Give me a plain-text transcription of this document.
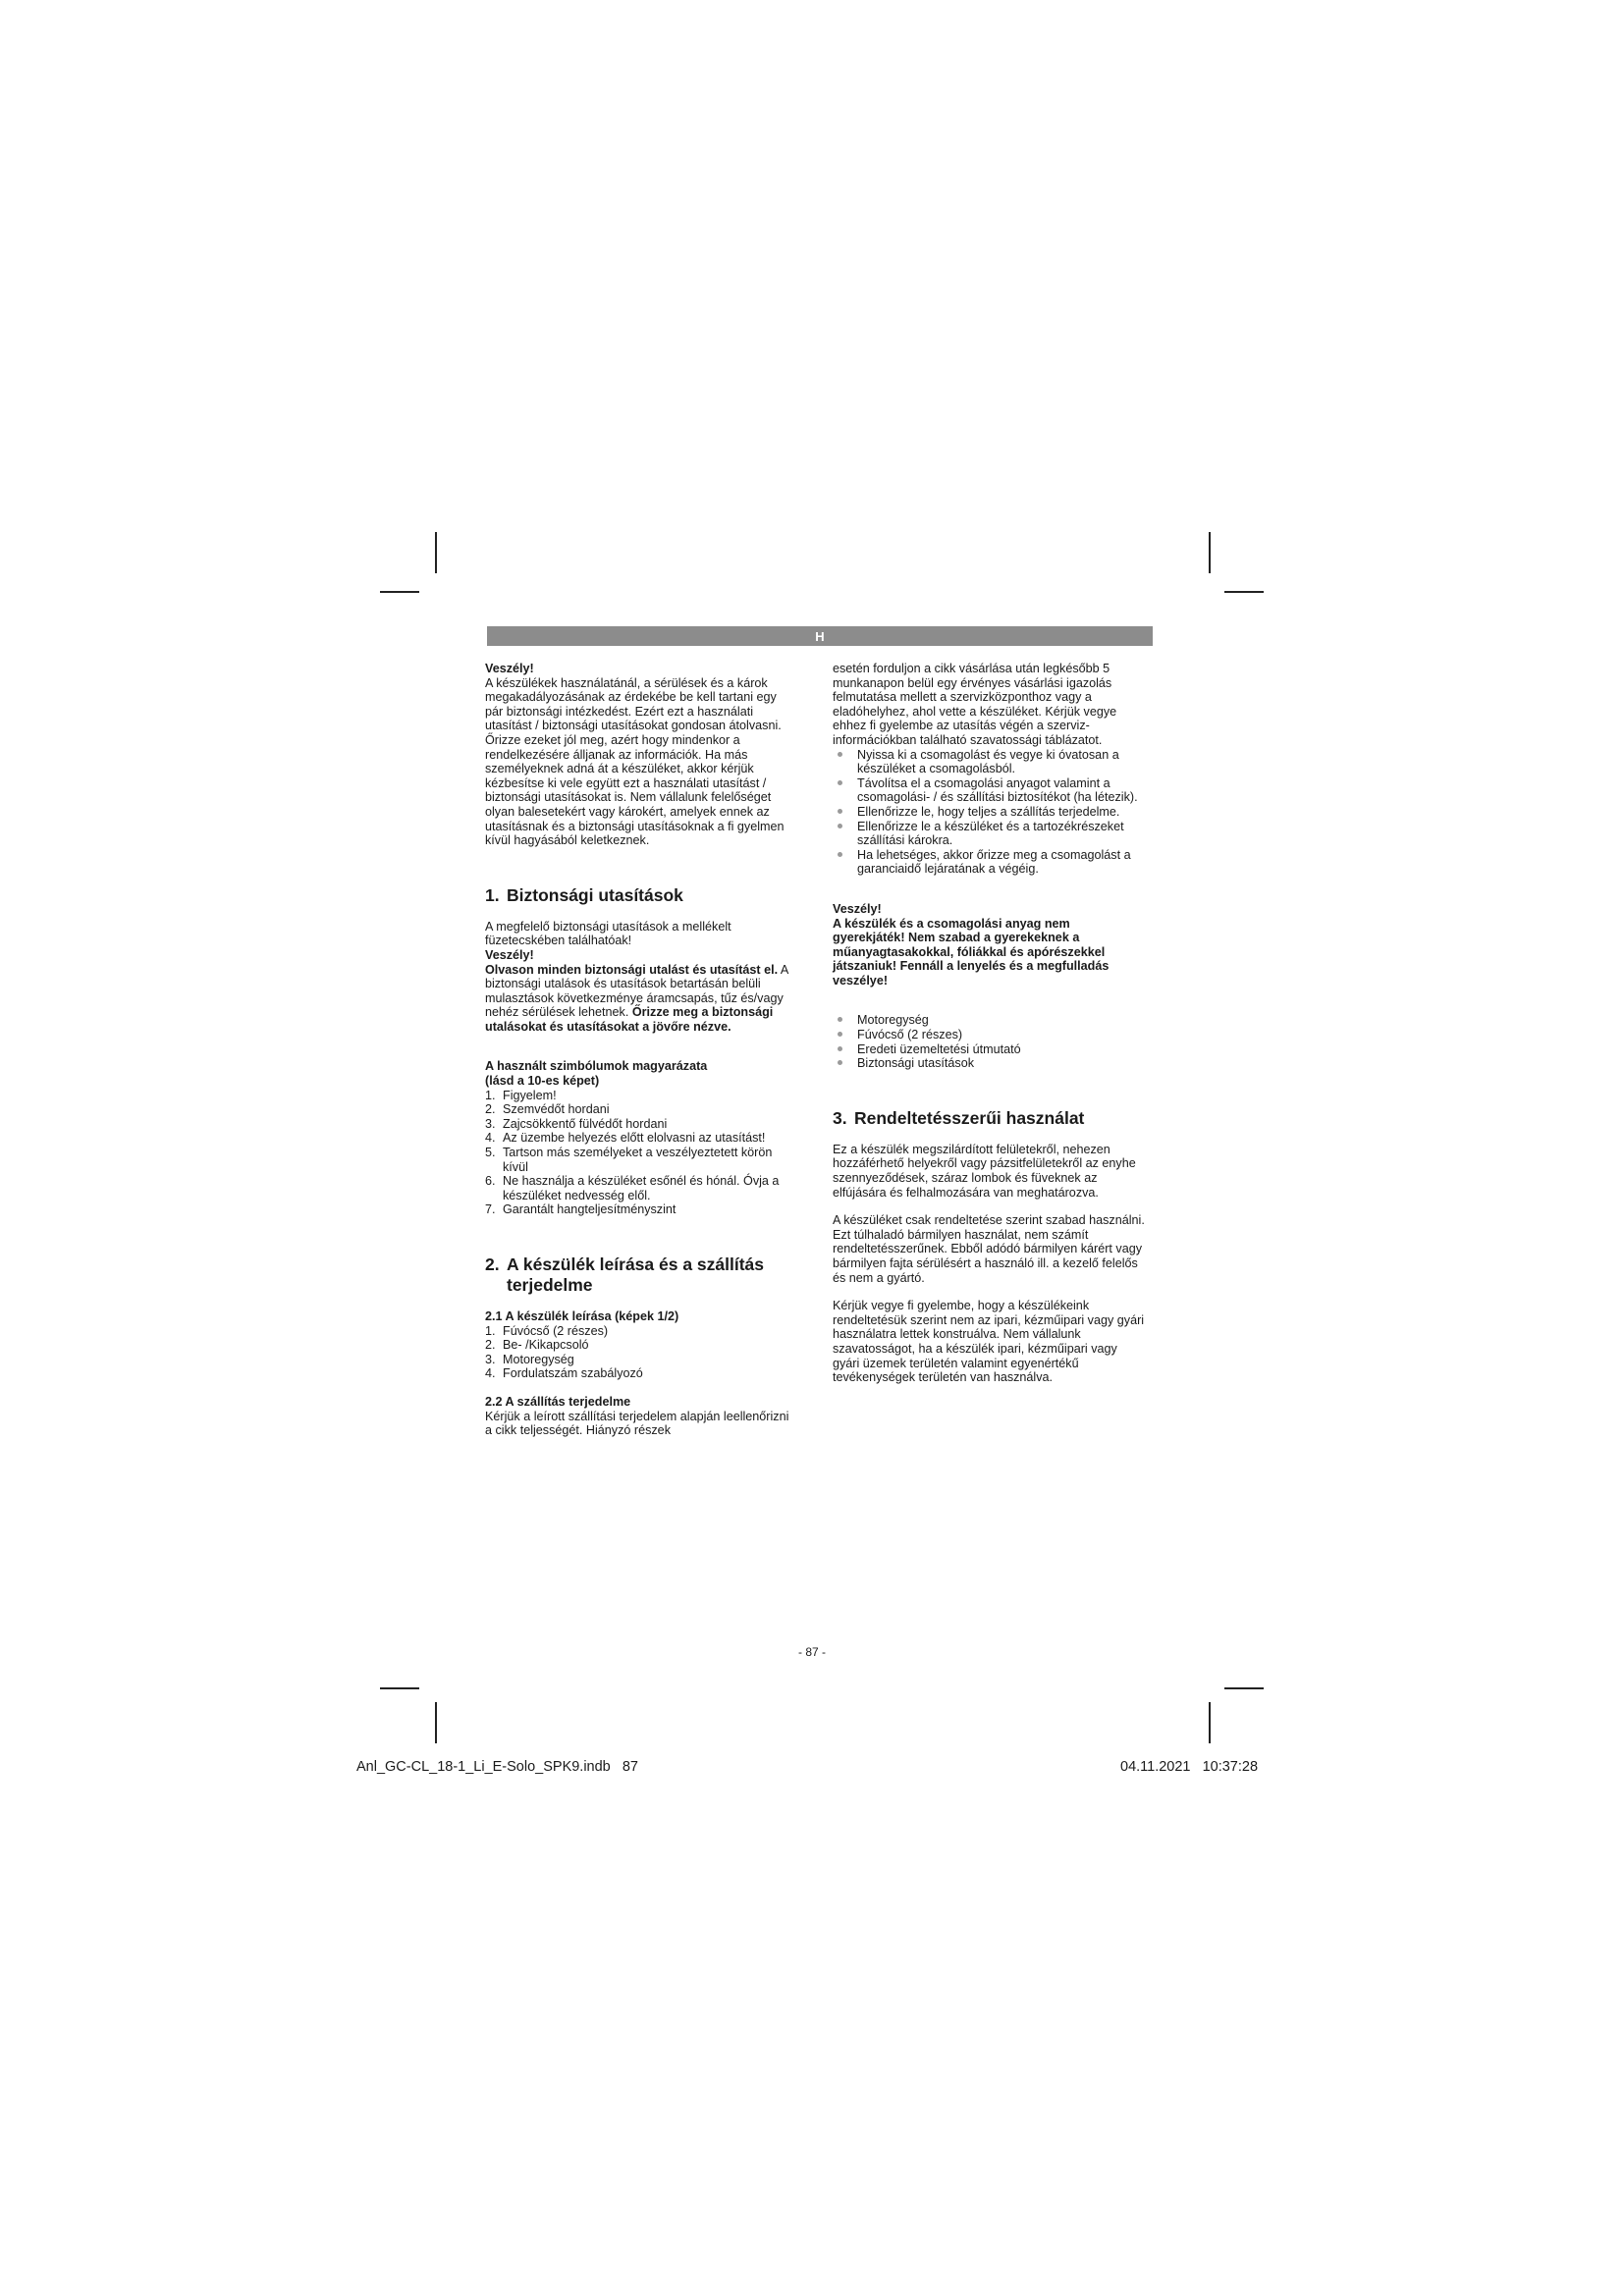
H

Veszély!

A készülékek használatánál, a sérülések és a károk megakadályozásának az érdekébe be kell tartani egy pár biztonsági intézkedést. Ezért ezt a használati utasítást / biztonsági utasításokat gondosan átolvasni. Őrizze ezeket jól meg, azért hogy mindenkor a rendelkezésére álljanak az információk. Ha más személyeknek adná át a készüléket, akkor kérjük kézbesítse ki vele együtt ezt a használati utasítást / biztonsági utasításokat is. Nem vállalunk felelőséget olyan balesetekért vagy károkért, amelyek ennek az utasításnak és a biztonsági utasításoknak a fi gyelmen kívül hagyásából keletkeznek.

1. Biztonsági utasítások

A megfelelő biztonsági utasítások a mellékelt füzetecskében találhatóak!

Veszély!

Olvason minden biztonsági utalást és utasítást el. A biztonsági utalások és utasítások betartásán belüli mulasztások következménye áramcsapás, tűz és/vagy nehéz sérülések lehetnek. Őrizze meg a biztonsági utalásokat és utasításokat a jövőre nézve.

A használt szimbólumok magyarázata

(lásd a 10-es képet)

1. Figyelem!
2. Szemvédőt hordani
3. Zajcsökkentő fülvédőt hordani
4. Az üzembe helyezés előtt elolvasni az utasítást!
5. Tartson más személyeket a veszélyeztetett körön kívül
6. Ne használja a készüléket esőnél és hónál. Óvja a készüléket nedvesség elől.
7. Garantált hangteljesítményszint
2. A készülék leírása és a szállítás
terjedelme

2.1 A készülék leírása (képek 1/2)

1. Fúvócső (2 részes)
2. Be- /Kikapcsoló
3. Motoregység
4. Fordulatszám szabályozó

2.2 A szállítás terjedelme

Kérjük a leírott szállítási terjedelem alapján leellenőrizni a cikk teljességét. Hiányzó részek

esetén forduljon a cikk vásárlása után legkésőbb 5 munkanapon belül egy érvényes vásárlási igazolás felmutatása mellett a szervizközponthoz vagy a eladóhelyhez, ahol vette a készüléket. Kérjük vegye ehhez fi gyelembe az utasítás végén a szerviz-információkban található szavatossági táblázatot.

Nyissa ki a csomagolást és vegye ki óvatosan a készüléket a csomagolásból.
Távolítsa el a csomagolási anyagot valamint a csomagolási- / és szállítási biztosítékot (ha létezik).
Ellenőrizze le, hogy teljes a szállítás terjedelme.
Ellenőrizze le a készüléket és a tartozékrészeket szállítási károkra.
Ha lehetséges, akkor őrizze meg a csomagolást a garanciaidő lejáratának a végéig.

Veszély!

A készülék és a csomagolási anyag nem gyerekjáték! Nem szabad a gyerekeknek a műanyagtasakokkal, fóliákkal és apórészekkel játszaniuk! Fennáll a lenyelés és a megfulladás veszélye!

Motoregység
Fúvócső (2 részes)
Eredeti üzemeltetési útmutató
Biztonsági utasítások
3. Rendeltetésszerűi használat

Ez a készülék megszilárdított felületekről, nehezen hozzáférhető helyekről vagy pázsitfelületekről az enyhe szennyeződések, száraz lombok és füveknek az elfújására és felhalmozására van meghatározva.

A készüléket csak rendeltetése szerint szabad használni. Ezt túlhaladó bármilyen használat, nem számít rendeltetésszerűnek. Ebből adódó bármilyen kárért vagy bármilyen fajta sérülésért a használó ill. a kezelő felelős és nem a gyártó.

Kérjük vegye fi gyelembe, hogy a készülékeink rendeltetésük szerint nem az ipari, kézműipari vagy gyári használatra lettek konstruálva. Nem vállalunk szavatosságot, ha a készülék ipari, kézműipari vagy gyári üzemek területén valamint egyenértékű tevékenységek területén van használva.

- 87 -
Anl_GC-CL_18-1_Li_E-Solo_SPK9.indb   87	04.11.2021   10:37:28
